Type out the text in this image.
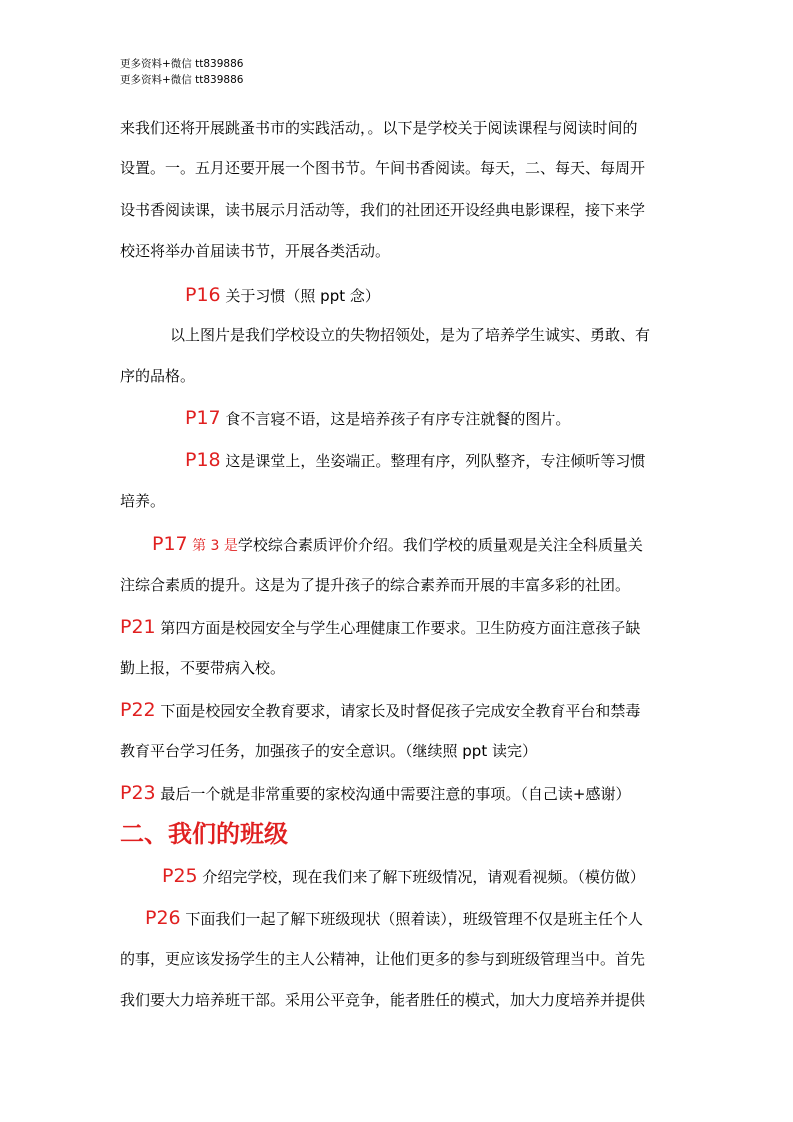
更多资料+微信 tt839886
更多资料+微信 tt839886
来我们还将开展跳蚤书市的实践活动，。以下是学校关于阅读课程与阅读时间的
设置。一。五月还要开展一个图书节。午间书香阅读。每天，二、每天、每周开
设书香阅读课，读书展示月活动等，我们的社团还开设经典电影课程，接下来学
校还将举办首届读书节，开展各类活动。
P16 关于习惯（照 ppt 念）
以上图片是我们学校设立的失物招领处，是为了培养学生诚实、勇敢、有
序的品格。
P17 食不言寝不语，这是培养孩子有序专注就餐的图片。
P18 这是课堂上，坐姿端正。整理有序，列队整齐，专注倾听等习惯
培养。
P17 第 3 是学校综合素质评价介绍。我们学校的质量观是关注全科质量关
注综合素质的提升。这是为了提升孩子的综合素养而开展的丰富多彩的社团。
P21 第四方面是校园安全与学生心理健康工作要求。卫生防疫方面注意孩子缺
勤上报，不要带病入校。
P22 下面是校园安全教育要求，请家长及时督促孩子完成安全教育平台和禁毒
教育平台学习任务，加强孩子的安全意识。（继续照 ppt 读完）
P23 最后一个就是非常重要的家校沟通中需要注意的事项。（自己读+感谢）
二、我们的班级
P25 介绍完学校，现在我们来了解下班级情况，请观看视频。（模仿做）
P26 下面我们一起了解下班级现状（照着读），班级管理不仅是班主任个人
的事，更应该发扬学生的主人公精神，让他们更多的参与到班级管理当中。首先
我们要大力培养班干部。采用公平竞争，能者胜任的模式，加大力度培养并提供
